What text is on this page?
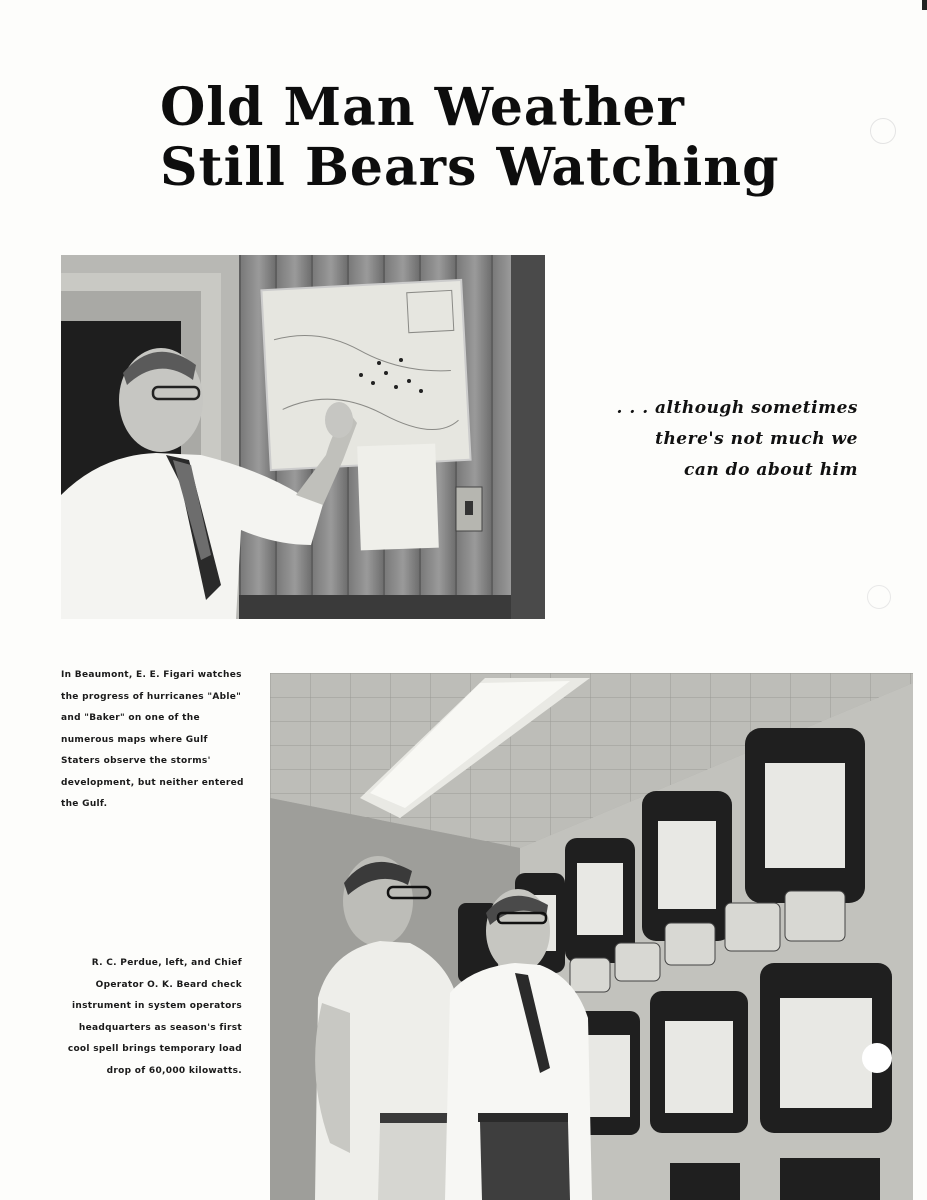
Old Man Weather
Still Bears Watching

. . . although sometimes
there's not much we
can do about him

In Beaumont, E. E. Figari watches
the progress of hurricanes "Able"
and "Baker" on one of the
numerous maps where Gulf
Staters observe the storms'
development, but neither entered
the Gulf.

R. C. Perdue, left, and Chief
Operator O. K. Beard check
instrument in system operators
headquarters as season's first
cool spell brings temporary load
drop of 60,000 kilowatts.
